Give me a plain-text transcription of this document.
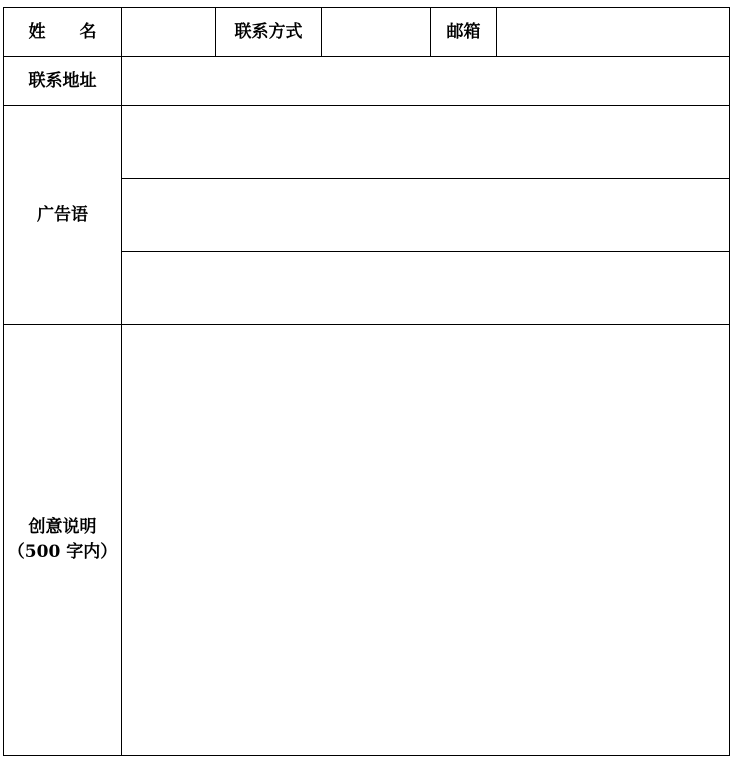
姓 名		联系方式		邮箱	
联系地址					
广告语					

创意说明
（500 字内）					
